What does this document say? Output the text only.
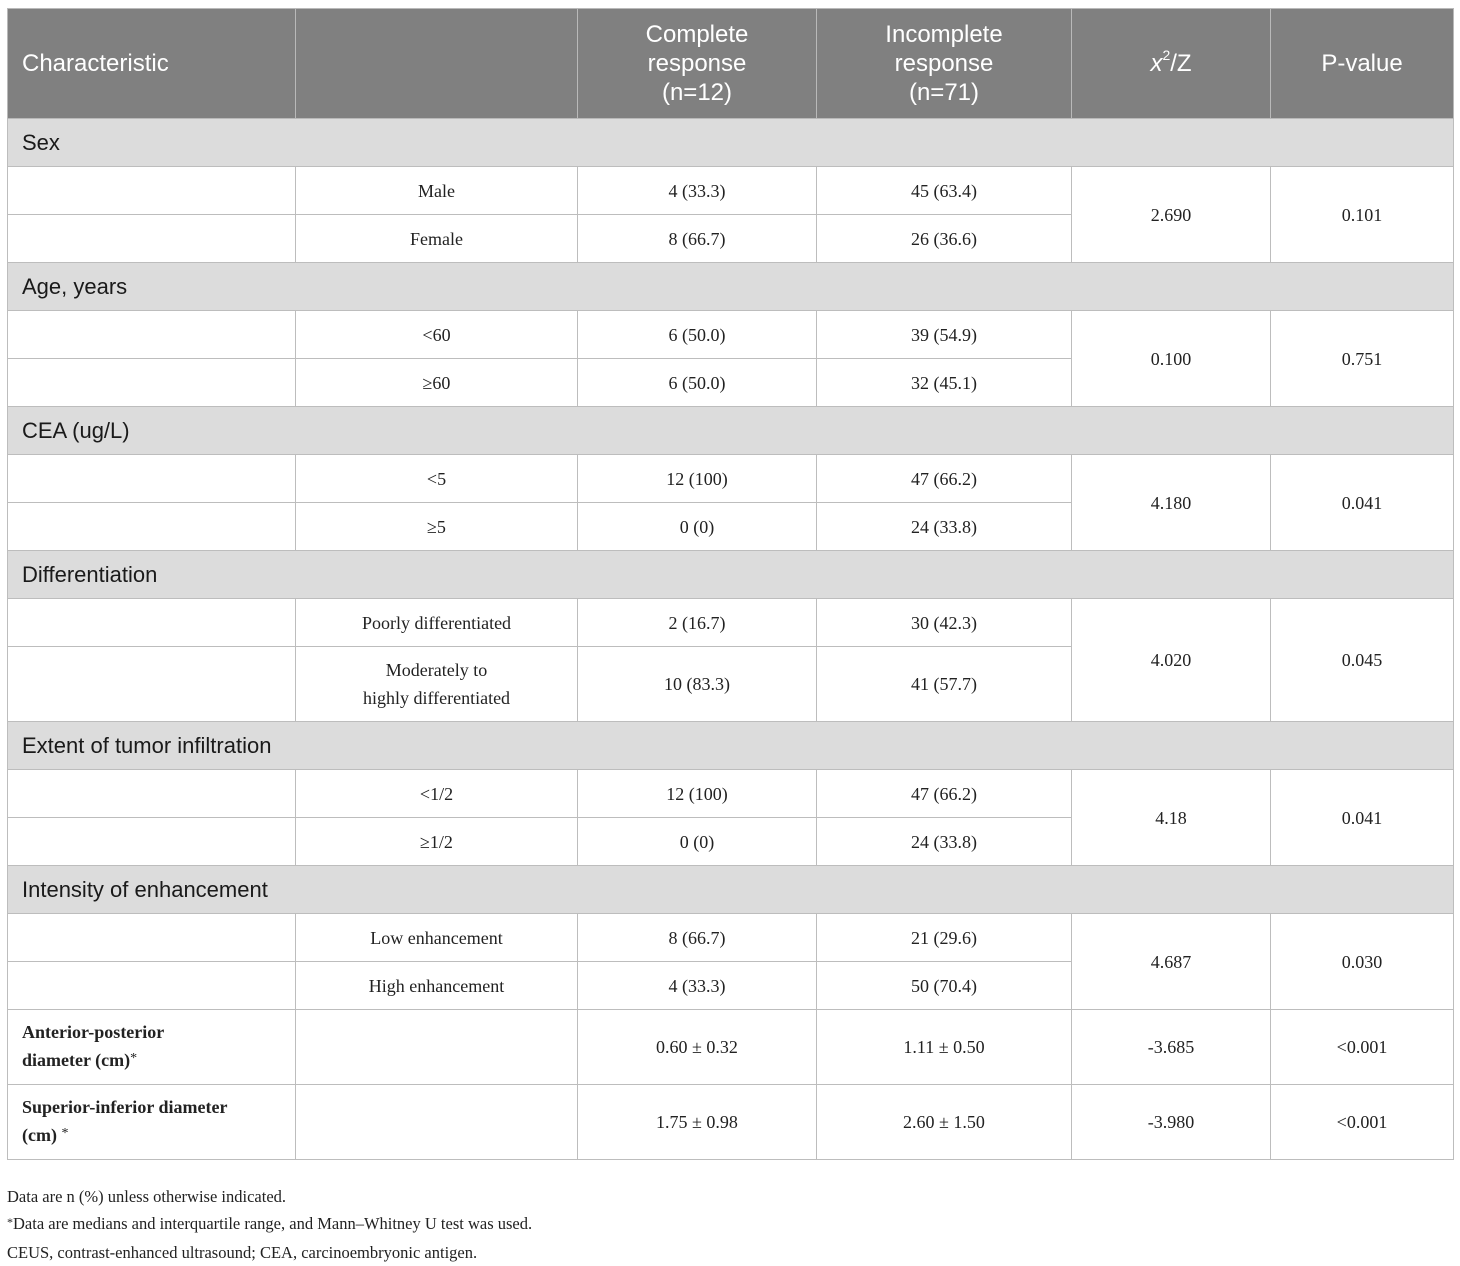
Characteristic		Complete
response
(n=12)	Incomplete
response
(n=71)	$x^2/Z$	P-value
Sex					
	Male	4 (33.3)	45 (63.4)	2.690	0.101
	Female	8 (66.7)	26 (36.6)		
Age, years					
	<60	6 (50.0)	39 (54.9)	0.100	0.751
	≥60	6 (50.0)	32 (45.1)		
CEA (ug/L)					
	<5	12 (100)	47 (66.2)	4.180	0.041
	≥5	0 (0)	24 (33.8)		
Differentiation					
	Poorly differentiated	2 (16.7)	30 (42.3)	4.020	0.045
	Moderately to
highly differentiated	10 (83.3)	41 (57.7)		
Extent of tumor infiltration					
	<1/2	12 (100)	47 (66.2)	4.18	0.041
	≥1/2	0 (0)	24 (33.8)		
Intensity of enhancement					
	Low enhancement	8 (66.7)	21 (29.6)	4.687	0.030
	High enhancement	4 (33.3)	50 (70.4)		
Anterior-posterior
diameter (cm)*		0.60 ± 0.32	1.11 ± 0.50	-3.685	<0.001
Superior-inferior diameter
(cm) *		1.75 ± 0.98	2.60 ± 1.50	-3.980	<0.001
Data are n (%) unless otherwise indicated.
*Data are medians and interquartile range, and Mann–Whitney U test was used.
CEUS, contrast-enhanced ultrasound; CEA, carcinoembryonic antigen.
